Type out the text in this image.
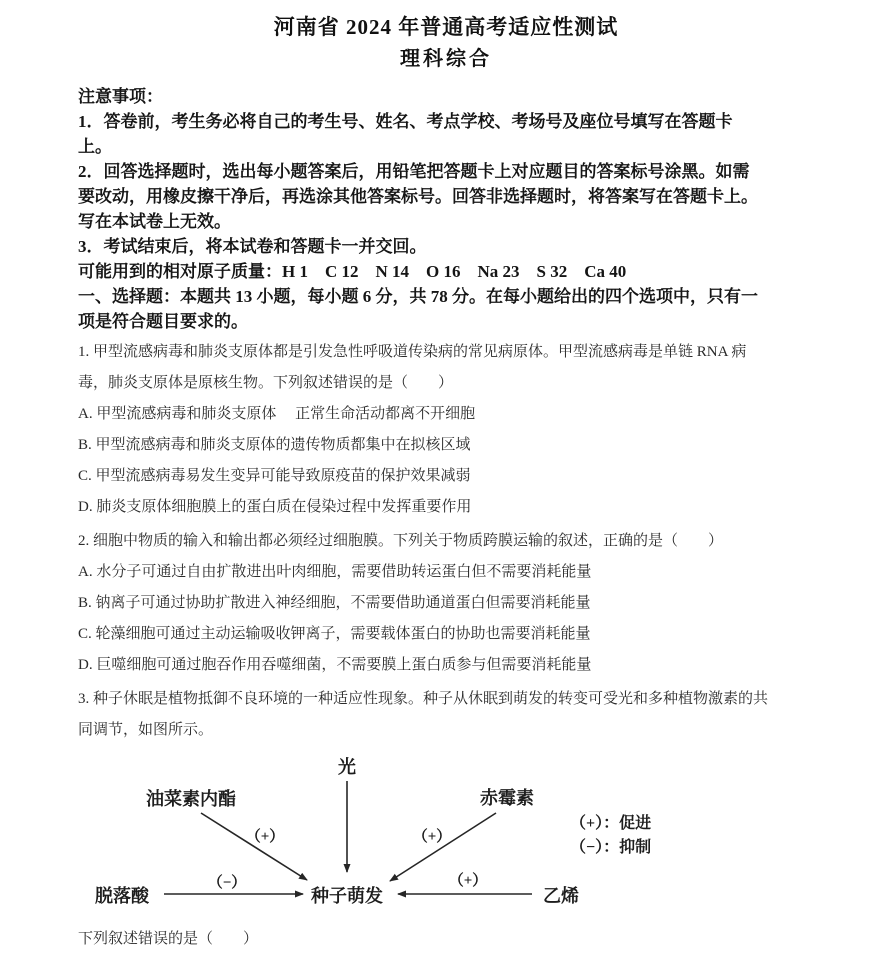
河南省 2024 年普通高考适应性测试
理科综合
注意事项：
1．答卷前，考生务必将自己的考生号、姓名、考点学校、考场号及座位号填写在答题卡
上。
2．回答选择题时，选出每小题答案后，用铅笔把答题卡上对应题目的答案标号涂黑。如需
要改动，用橡皮擦干净后，再选涂其他答案标号。回答非选择题时，将答案写在答题卡上。
写在本试卷上无效。
3．考试结束后，将本试卷和答题卡一并交回。
可能用到的相对原子质量：H 1　C 12　N 14　O 16　Na 23　S 32　Ca 40
一、选择题：本题共 13 小题，每小题 6 分，共 78 分。在每小题给出的四个选项中，只有一
项是符合题目要求的。
1. 甲型流感病毒和肺炎支原体都是引发急性呼吸道传染病的常见病原体。甲型流感病毒是单链 RNA 病
毒，肺炎支原体是原核生物。下列叙述错误的是（　　）
A. 甲型流感病毒和肺炎支原体　 正常生命活动都离不开细胞
B. 甲型流感病毒和肺炎支原体的遗传物质都集中在拟核区域
C. 甲型流感病毒易发生变异可能导致原疫苗的保护效果减弱
D. 肺炎支原体细胞膜上的蛋白质在侵染过程中发挥重要作用
2. 细胞中物质的输入和输出都必须经过细胞膜。下列关于物质跨膜运输的叙述，正确的是（　　）
A. 水分子可通过自由扩散进出叶肉细胞，需要借助转运蛋白但不需要消耗能量
B. 钠离子可通过协助扩散进入神经细胞，不需要借助通道蛋白但需要消耗能量
C. 轮藻细胞可通过主动运输吸收钾离子，需要载体蛋白的协助也需要消耗能量
D. 巨噬细胞可通过胞吞作用吞噬细菌，不需要膜上蛋白质参与但需要消耗能量
3. 种子休眠是植物抵御不良环境的一种适应性现象。种子从休眠到萌发的转变可受光和多种植物激素的共
同调节，如图所示。
光
油菜素内酯	赤霉素
脱落酸	种子萌发	乙烯
（+）	（+）
（−）	（+）
（+）：促进
（−）：抑制
下列叙述错误的是（　　）
